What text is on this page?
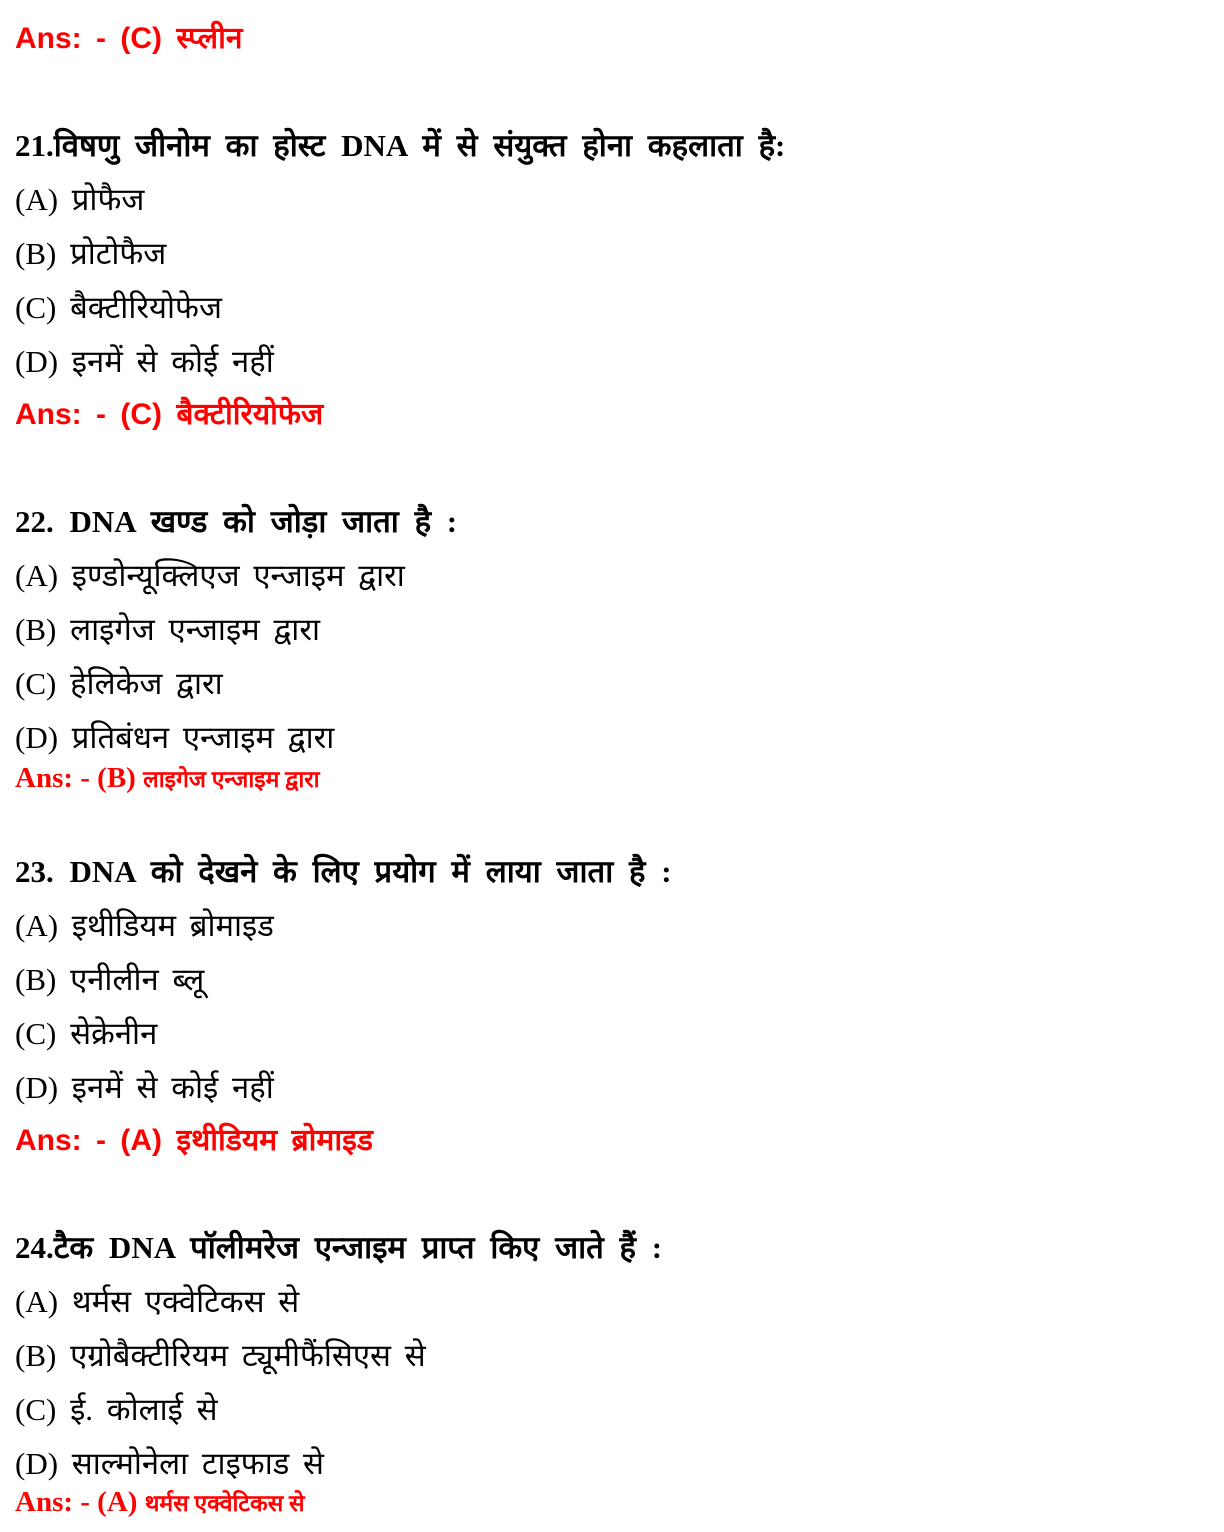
Ans: - (C) स्प्लीन
21.विषणु जीनोम का होस्ट DNA में से संयुक्त होना कहलाता है:
(A) प्रोफैज
(B) प्रोटोफैज
(C) बैक्टीरियोफेज
(D) इनमें से कोई नहीं
Ans: - (C) बैक्टीरियोफेज
22. DNA खण्ड को जोड़ा जाता है :
(A) इण्डोन्यूक्लिएज एन्जाइम द्वारा
(B) लाइगेज एन्जाइम द्वारा
(C) हेलिकेज द्वारा
(D) प्रतिबंधन एन्जाइम द्वारा
Ans: - (B) लाइगेज एन्जाइम द्वारा
23. DNA को देखने के लिए प्रयोग में लाया जाता है :
(A) इथीडियम ब्रोमाइड
(B) एनीलीन ब्लू
(C) सेक्रेनीन
(D) इनमें से कोई नहीं
Ans: - (A) इथीडियम ब्रोमाइड
24.टैक DNA पॉलीमरेज एन्जाइम प्राप्त किए जाते हैं :
(A) थर्मस एक्वेटिकस से
(B) एग्रोबैक्टीरियम ट्यूमीफैंसिएस से
(C) ई. कोलाई से
(D) साल्मोनेला टाइफाड से
Ans: - (A) थर्मस एक्वेटिकस से
